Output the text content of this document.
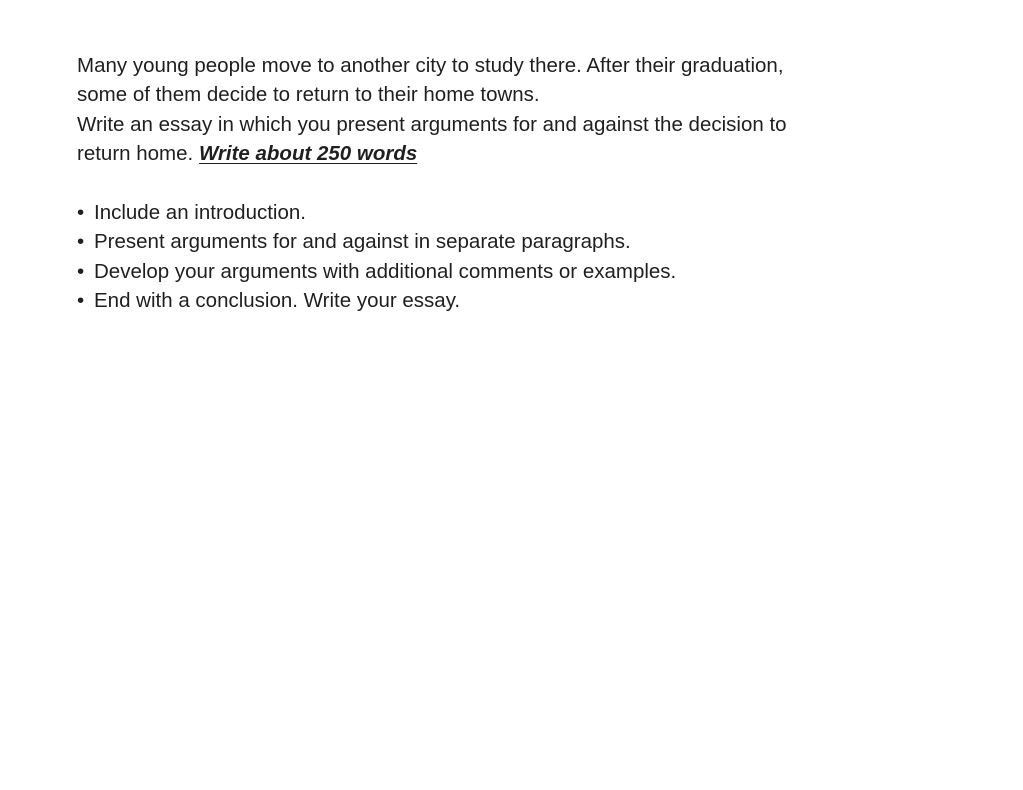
Many young people move to another city to study there. After their graduation,
some of them decide to return to their home towns.
Write an essay in which you present arguments for and against the decision to
return home. Write about 250 words

• Include an introduction.
• Present arguments for and against in separate paragraphs.
• Develop your arguments with additional comments or examples.
• End with a conclusion. Write your essay.
